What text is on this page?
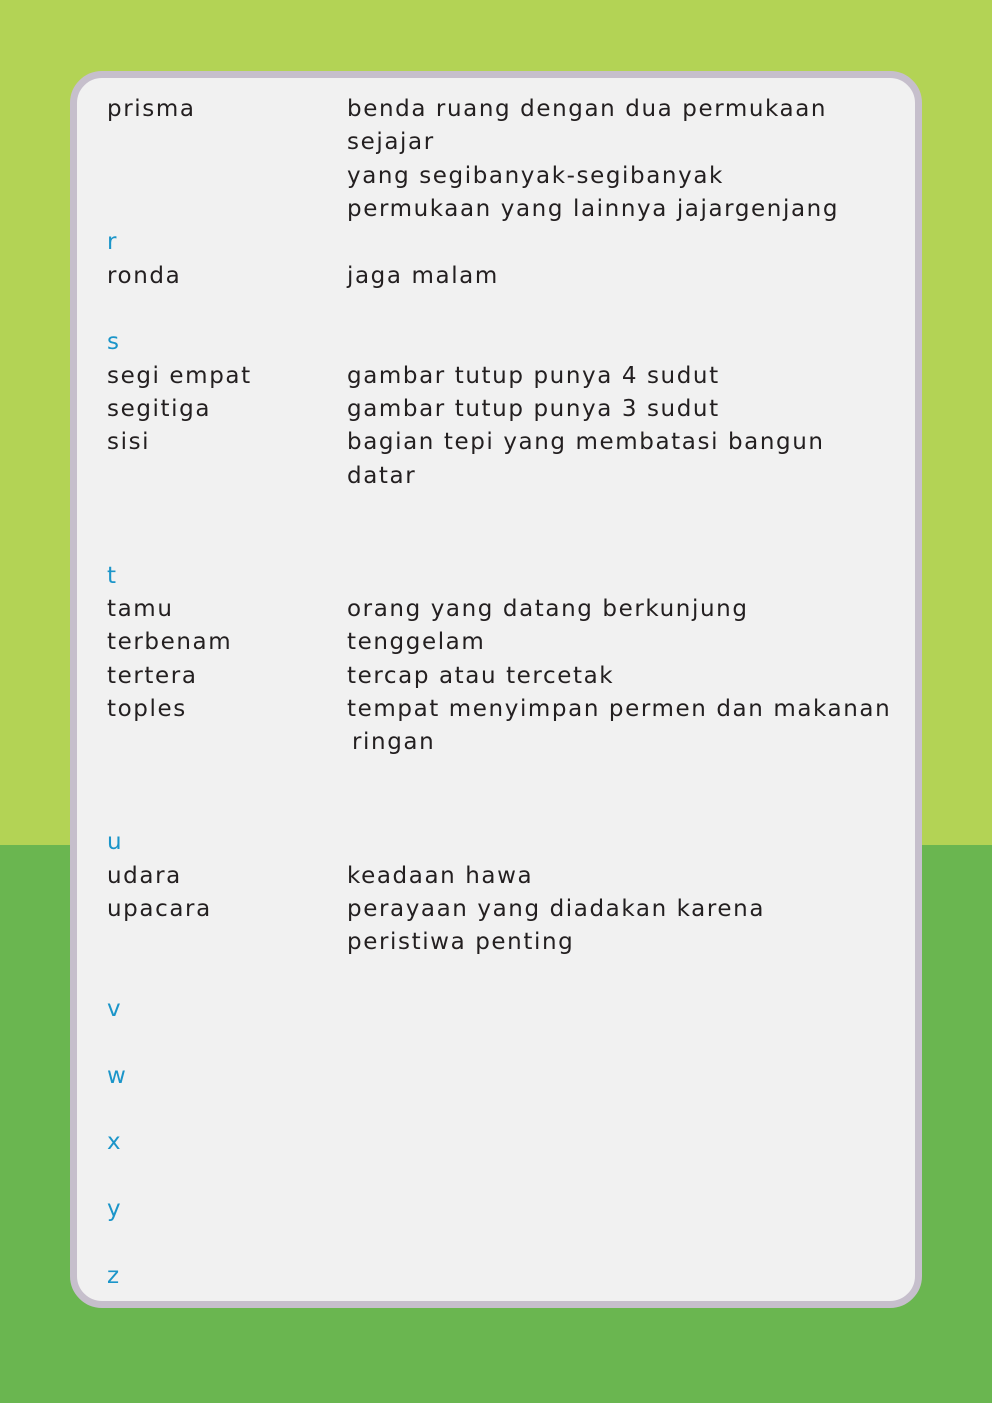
prisma	benda ruang dengan dua permukaan
sejajar
yang segibanyak-segibanyak
permukaan yang lainnya jajargenjang
r
ronda	jaga malam
s
segi empat	gambar tutup punya 4 sudut
segitiga	gambar tutup punya 3 sudut
sisi	bagian tepi yang membatasi bangun
datar
t
tamu	orang yang datang berkunjung
terbenam	tenggelam
tertera	tercap atau tercetak
toples	tempat menyimpan permen dan makanan
ringan
u
udara	keadaan hawa
upacara	perayaan yang diadakan karena
peristiwa penting
v
w
x
y
z
